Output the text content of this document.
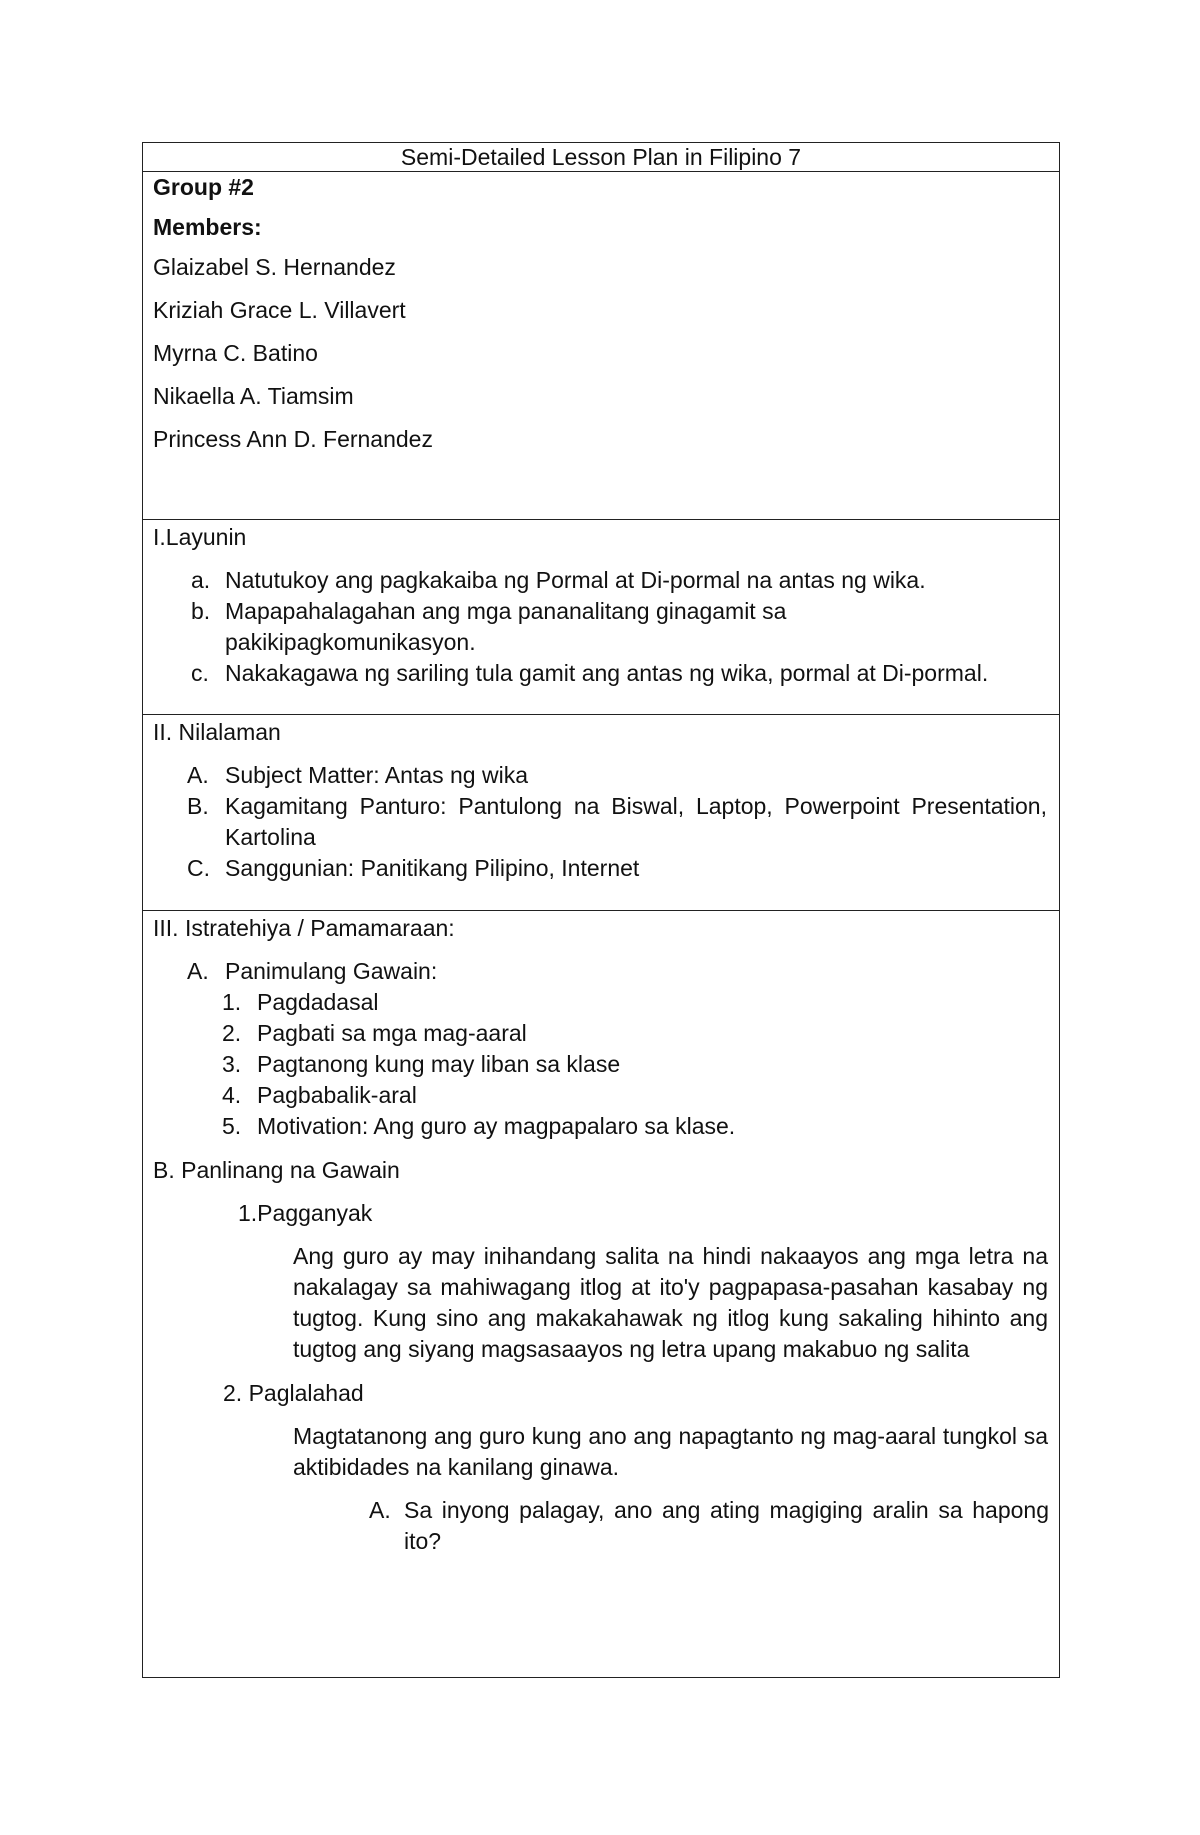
Semi-Detailed Lesson Plan in Filipino 7

Group #2

Members:

Glaizabel S. Hernandez

Kriziah Grace L. Villavert

Myrna C. Batino

Nikaella A. Tiamsim

Princess Ann D. Fernandez

I.Layunin

a. Natutukoy ang pagkakaiba ng Pormal at Di-pormal na antas ng wika.
b. Mapapahalagahan ang mga pananalitang ginagamit sa pakikipagkomunikasyon.
c. Nakakagawa ng sariling tula gamit ang antas ng wika, pormal at Di-pormal.

II. Nilalaman

A. Subject Matter: Antas ng wika
B. Kagamitang Panturo: Pantulong na Biswal, Laptop, Powerpoint Presentation, Kartolina
C. Sanggunian: Panitikang Pilipino, Internet

III. Istratehiya / Pamamaraan:

A. Panimulang Gawain:
1. Pagdadasal
2. Pagbati sa mga mag-aaral
3. Pagtanong kung may liban sa klase
4. Pagbabalik-aral
5. Motivation: Ang guro ay magpapalaro sa klase.

B. Panlinang na Gawain

1.Pagganyak

Ang guro ay may inihandang salita na hindi nakaayos ang mga letra na nakalagay sa mahiwagang itlog at ito'y pagpapasa-pasahan kasabay ng tugtog. Kung sino ang makakahawak ng itlog kung sakaling hihinto ang tugtog ang siyang magsasaayos ng letra upang makabuo ng salita

2. Paglalahad

Magtatanong ang guro kung ano ang napagtanto ng mag-aaral tungkol sa aktibidades na kanilang ginawa.

A. Sa inyong palagay, ano ang ating magiging aralin sa hapong ito?
